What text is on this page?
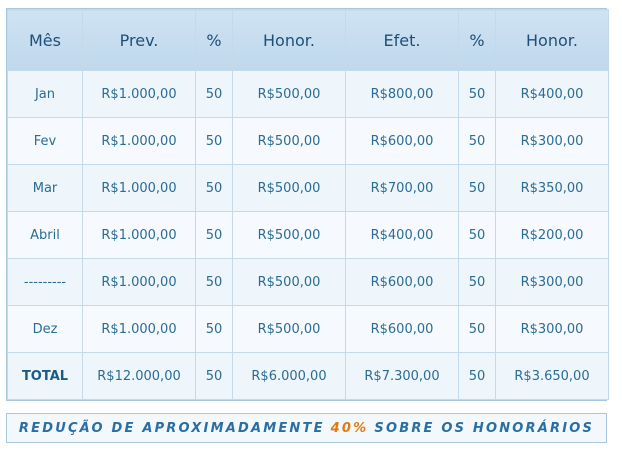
Mês	Prev.	%	Honor.	Efet.	%	Honor.
Jan	R$1.000,00	50	R$500,00	R$800,00	50	R$400,00
Fev	R$1.000,00	50	R$500,00	R$600,00	50	R$300,00
Mar	R$1.000,00	50	R$500,00	R$700,00	50	R$350,00
Abril	R$1.000,00	50	R$500,00	R$400,00	50	R$200,00
---------	R$1.000,00	50	R$500,00	R$600,00	50	R$300,00
Dez	R$1.000,00	50	R$500,00	R$600,00	50	R$300,00
TOTAL	R$12.000,00	50	R$6.000,00	R$7.300,00	50	R$3.650,00
REDUÇÃO DE APROXIMADAMENTE 40% SOBRE OS HONORÁRIOS
